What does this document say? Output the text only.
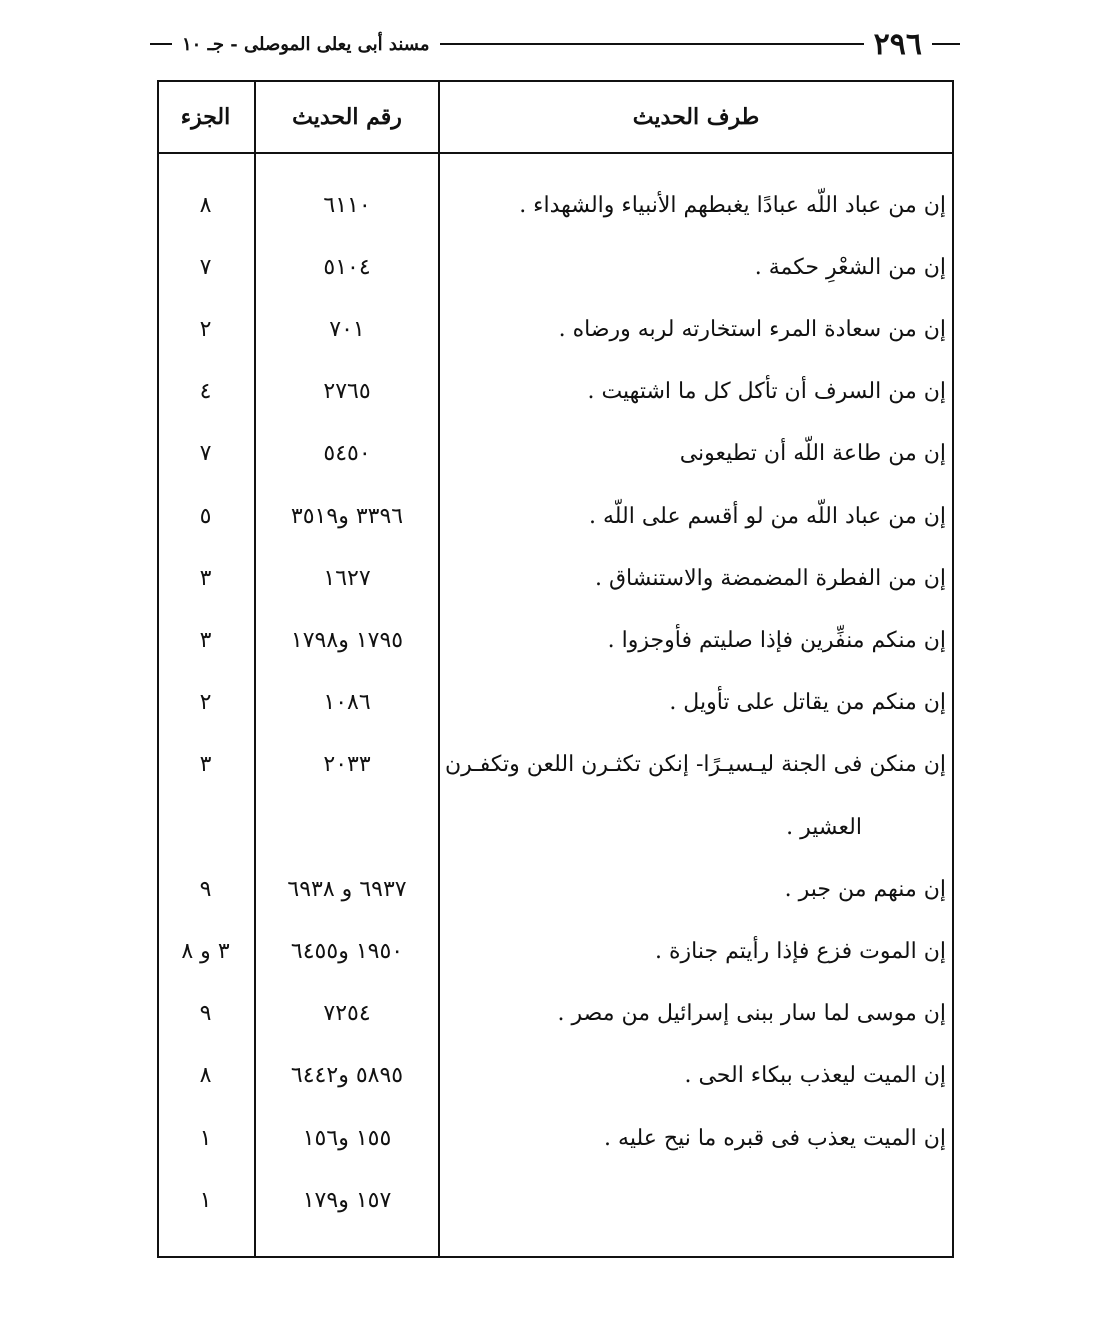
٢٩٦
مسند أبى يعلى الموصلى - جـ ١٠
طرف الحديث
رقم الحديث
الجزء
إن من عباد اللّه عبادًا يغبطهم الأنبياء والشهداء .
٦١١٠
٨
إن من الشعْرِ حكمة .
٥١٠٤
٧
إن من سعادة المرء استخارته لربه ورضاه .
٧٠١
٢
إن من السرف أن تأكل كل ما اشتهيت .
٢٧٦٥
٤
إن من طاعة اللّه أن تطيعونى
٥٤٥٠
٧
إن من عباد اللّه من لو أقسم على اللّه .
٣٣٩٦ و٣٥١٩
٥
إن من الفطرة المضمضة والاستنشاق .
١٦٢٧
٣
إن منكم منفِّرين فإذا صليتم فأوجزوا .
١٧٩٥ و١٧٩٨
٣
إن منكم من يقاتل على تأويل .
١٠٨٦
٢
إن منكن فى الجنة ليـسيـرًا- إنكن تكثـرن اللعن وتكفـرن
٢٠٣٣
٣
العشير .
إن منهم من جبر .
٦٩٣٧ و ٦٩٣٨
٩
إن الموت فزع فإذا رأيتم جنازة .
١٩٥٠ و٦٤٥٥
٣ و ٨
إن موسى لما سار ببنى إسرائيل من مصر .
٧٢٥٤
٩
إن الميت ليعذب ببكاء الحى .
٥٨٩٥ و٦٤٤٢
٨
إن الميت يعذب فى قبره ما نيح عليه .
١٥٥ و١٥٦
١
١٥٧ و١٧٩
١
